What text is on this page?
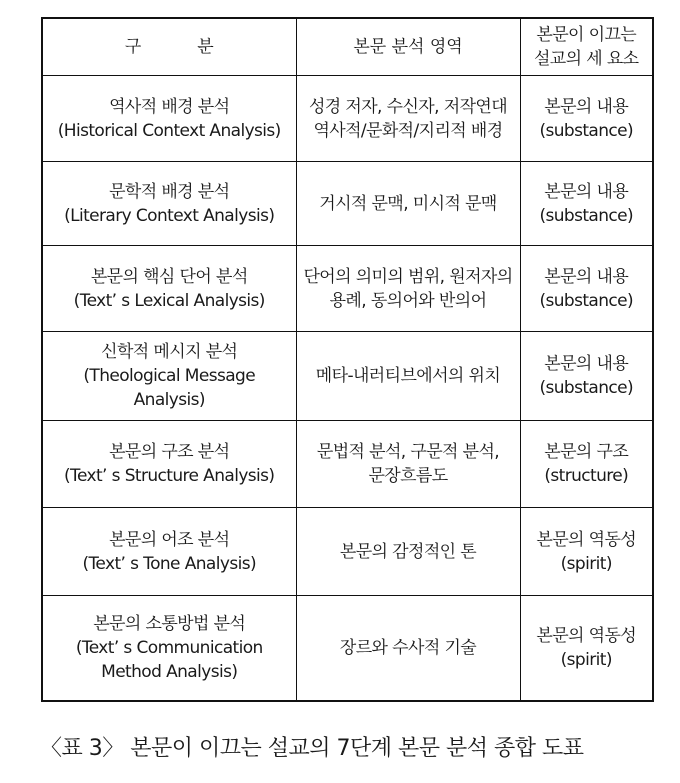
구 분	본문 분석 영역	본문이 이끄는
설교의 세 요소

역사적 배경 분석
(Historical Context Analysis)	성경 저자, 수신자, 저작연대
역사적/문화적/지리적 배경	본문의 내용
(substance)

문학적 배경 분석
(Literary Context Analysis)	거시적 문맥, 미시적 문맥	본문의 내용
(substance)

본문의 핵심 단어 분석
(Text’ s Lexical Analysis)	단어의 의미의 범위, 원저자의
용례, 동의어와 반의어	본문의 내용
(substance)

신학적 메시지 분석
(Theological Message Analysis)	메타-내러티브에서의 위치	본문의 내용
(substance)

본문의 구조 분석
(Text’ s Structure Analysis)	문법적 분석, 구문적 분석,
문장흐름도	본문의 구조
(structure)

본문의 어조 분석
(Text’ s Tone Analysis)	본문의 감정적인 톤	본문의 역동성
(spirit)

본문의 소통방법 분석
(Text’ s Communication
Method Analysis)	장르와 수사적 기술	본문의 역동성
(spirit)
〈표 3〉 본문이 이끄는 설교의 7단계 본문 분석 종합 도표
